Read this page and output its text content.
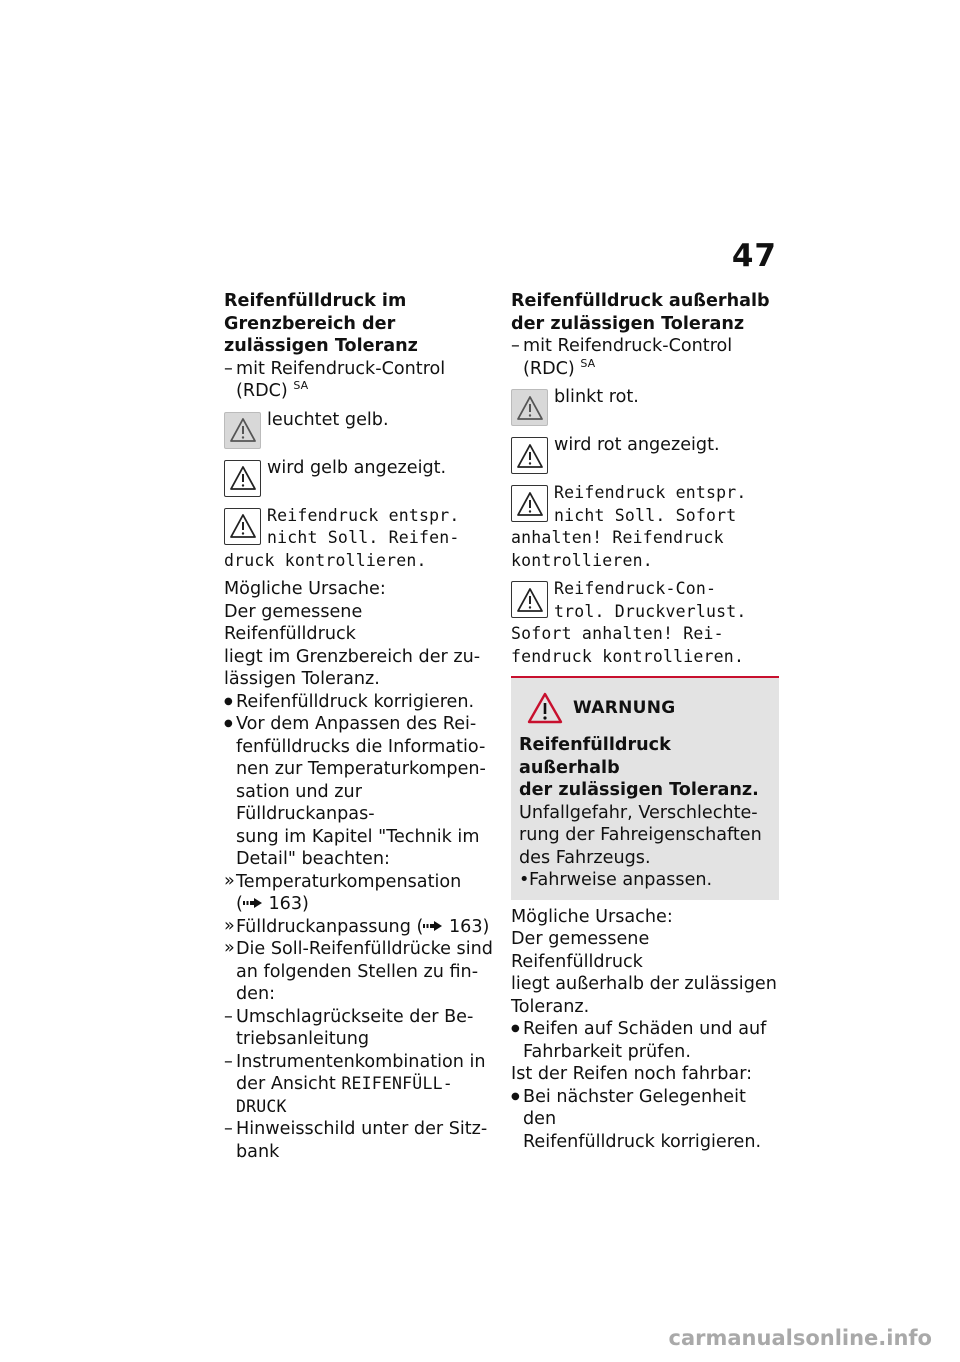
47

Reifenfülldruck im Grenzbereich der zulässigen Toleranz

– mit Reifendruck-Control
(RDC) $^{SA}$

leuchtet gelb.
wird gelb angezeigt.
Reifendruck entspr.
nicht Soll. Reifen-
druck kontrollieren.

Mögliche Ursache:

Der gemessene Reifenfülldruck
liegt im Grenzbereich der zu-
lässigen Toleranz.

● Reifenfülldruck korrigieren.

● Vor dem Anpassen des Rei-
fenfülldrucks die Informatio-
nen zur Temperaturkompen-
sation und zur Fülldruckanpas-
sung im Kapitel "Technik im
Detail" beachten:

» Temperaturkompensation
( 163)

» Fülldruckanpassung ( 163)

» Die Soll-Reifenfülldrücke sind
an folgenden Stellen zu fin-
den:

– Umschlagrückseite der Be-
triebsanleitung

– Instrumentenkombination in
der Ansicht REIFENFÜLL-
DRUCK

– Hinweisschild unter der Sitz-
bank

Reifenfülldruck außerhalb der zulässigen Toleranz

– mit Reifendruck-Control
(RDC) $^{SA}$

blinkt rot.
wird rot angezeigt.
Reifendruck entspr.
nicht Soll. Sofort
anhalten! Reifendruck
kontrollieren.
Reifendruck-Con-
trol. Druckverlust.
Sofort anhalten! Rei-
fendruck kontrollieren.
WARNUNG

Reifenfülldruck außerhalb
der zulässigen Toleranz.

Unfallgefahr, Verschlechte-
rung der Fahreigenschaften
des Fahrzeugs.

• Fahrweise anpassen.

Mögliche Ursache:

Der gemessene Reifenfülldruck
liegt außerhalb der zulässigen
Toleranz.

● Reifen auf Schäden und auf
Fahrbarkeit prüfen.

Ist der Reifen noch fahrbar:

● Bei nächster Gelegenheit den
Reifenfülldruck korrigieren.

carmanualsonline.info
